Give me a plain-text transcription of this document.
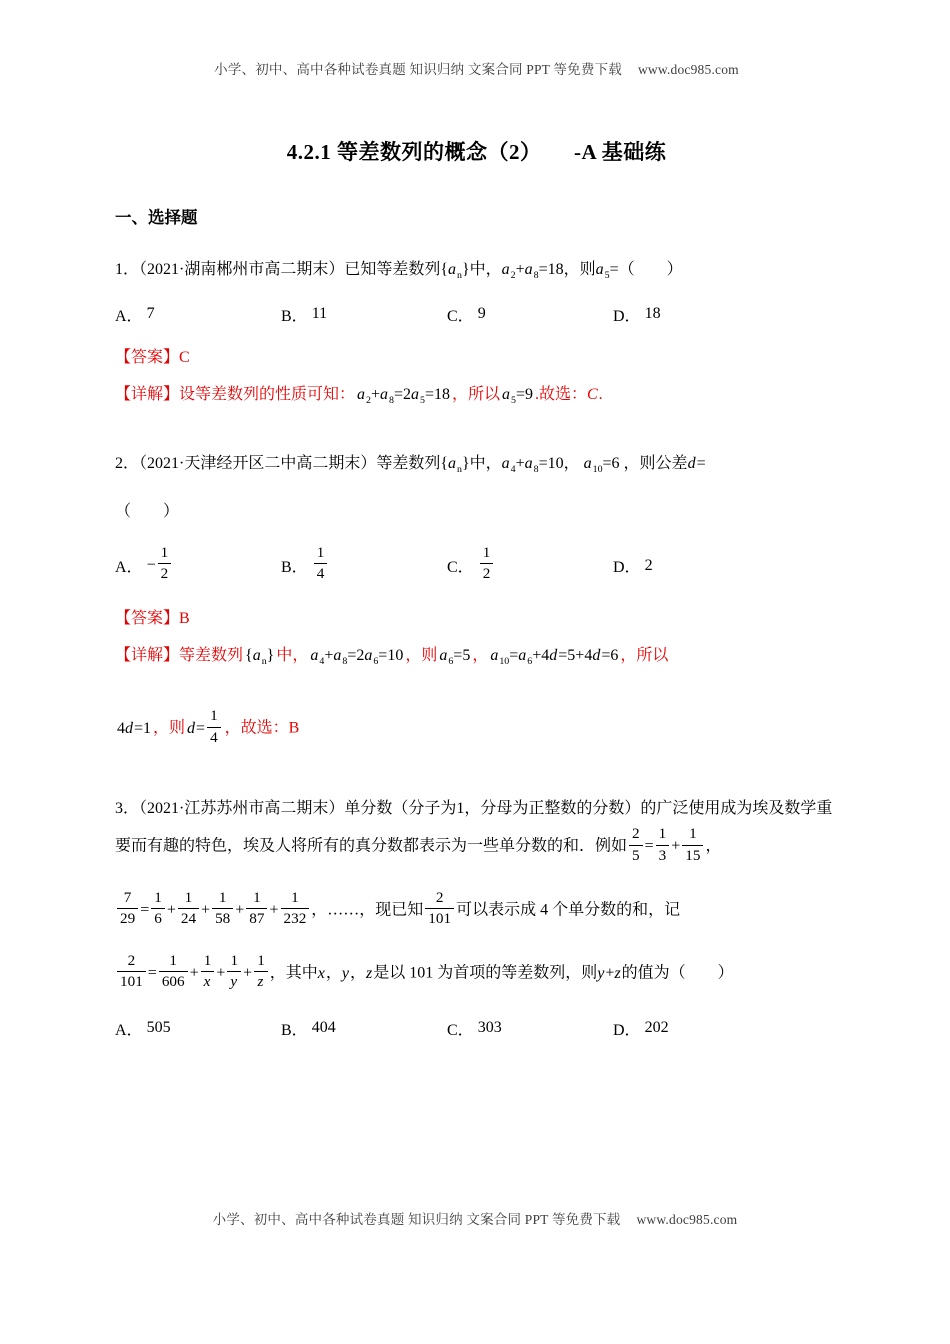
小学、初中、高中各种试卷真题 知识归纳 文案合同 PPT 等免费下载 www.doc985.com
4.2.1 等差数列的概念（2）　　-A 基础练
一、选择题

1．（2021·湖南郴州市高二期末）已知等差数列$\{a_n\}$中，$a_2+a_8=18$，则$a_5=$（　　）

A． 7	B． 11	C． 9	D． 18

【答案】C

【详解】设等差数列的性质可知： $a_2+a_8=2a_5=18$ ，所以 $a_5=9$ .故选：C.

2．（2021·天津经开区二中高二期末）等差数列$\{a_n\}$中，$a_4+a_8=10$， $a_{10}=6$ ，则公差d=

（　　）

A． − $\frac{1}{2}$	B． $\frac{1}{4}$	C． $\frac{1}{2}$	D． 2

【答案】B

【详解】等差数列 $\{a_n\}$ 中， $a_4+a_8=2a_6=10$ ，则 $a_6=5$ ， $a_{10}=a_6+4d=5+4d=6$ ，所以

4d=1 ，则 $d= \frac{1}{4}$ ，故选：B

3．（2021·江苏苏州市高二期末）单分数（分子为1，分母为正整数的分数）的广泛使用成为埃及数学重要而有趣的特色，埃及人将所有的真分数都表示为一些单分数的和．例如 $\frac{2}{5} = \frac{1}{3} + \frac{1}{15}$ ，

$\frac{7}{29} = \frac{1}{6} + \frac{1}{24} + \frac{1}{58} + \frac{1}{87} + \frac{1}{232}$ ，……，现已知 $\frac{2}{101}$ 可以表示成 4 个单分数的和，记

$\frac{2}{101} = \frac{1}{606} + \frac{1}{x} + \frac{1}{y} + \frac{1}{z}$ ，其中x，y，z是以 101 为首项的等差数列，则y+z的值为（　　）

A． 505	B． 404	C． 303	D． 202
小学、初中、高中各种试卷真题 知识归纳 文案合同 PPT 等免费下载 www.doc985.com
